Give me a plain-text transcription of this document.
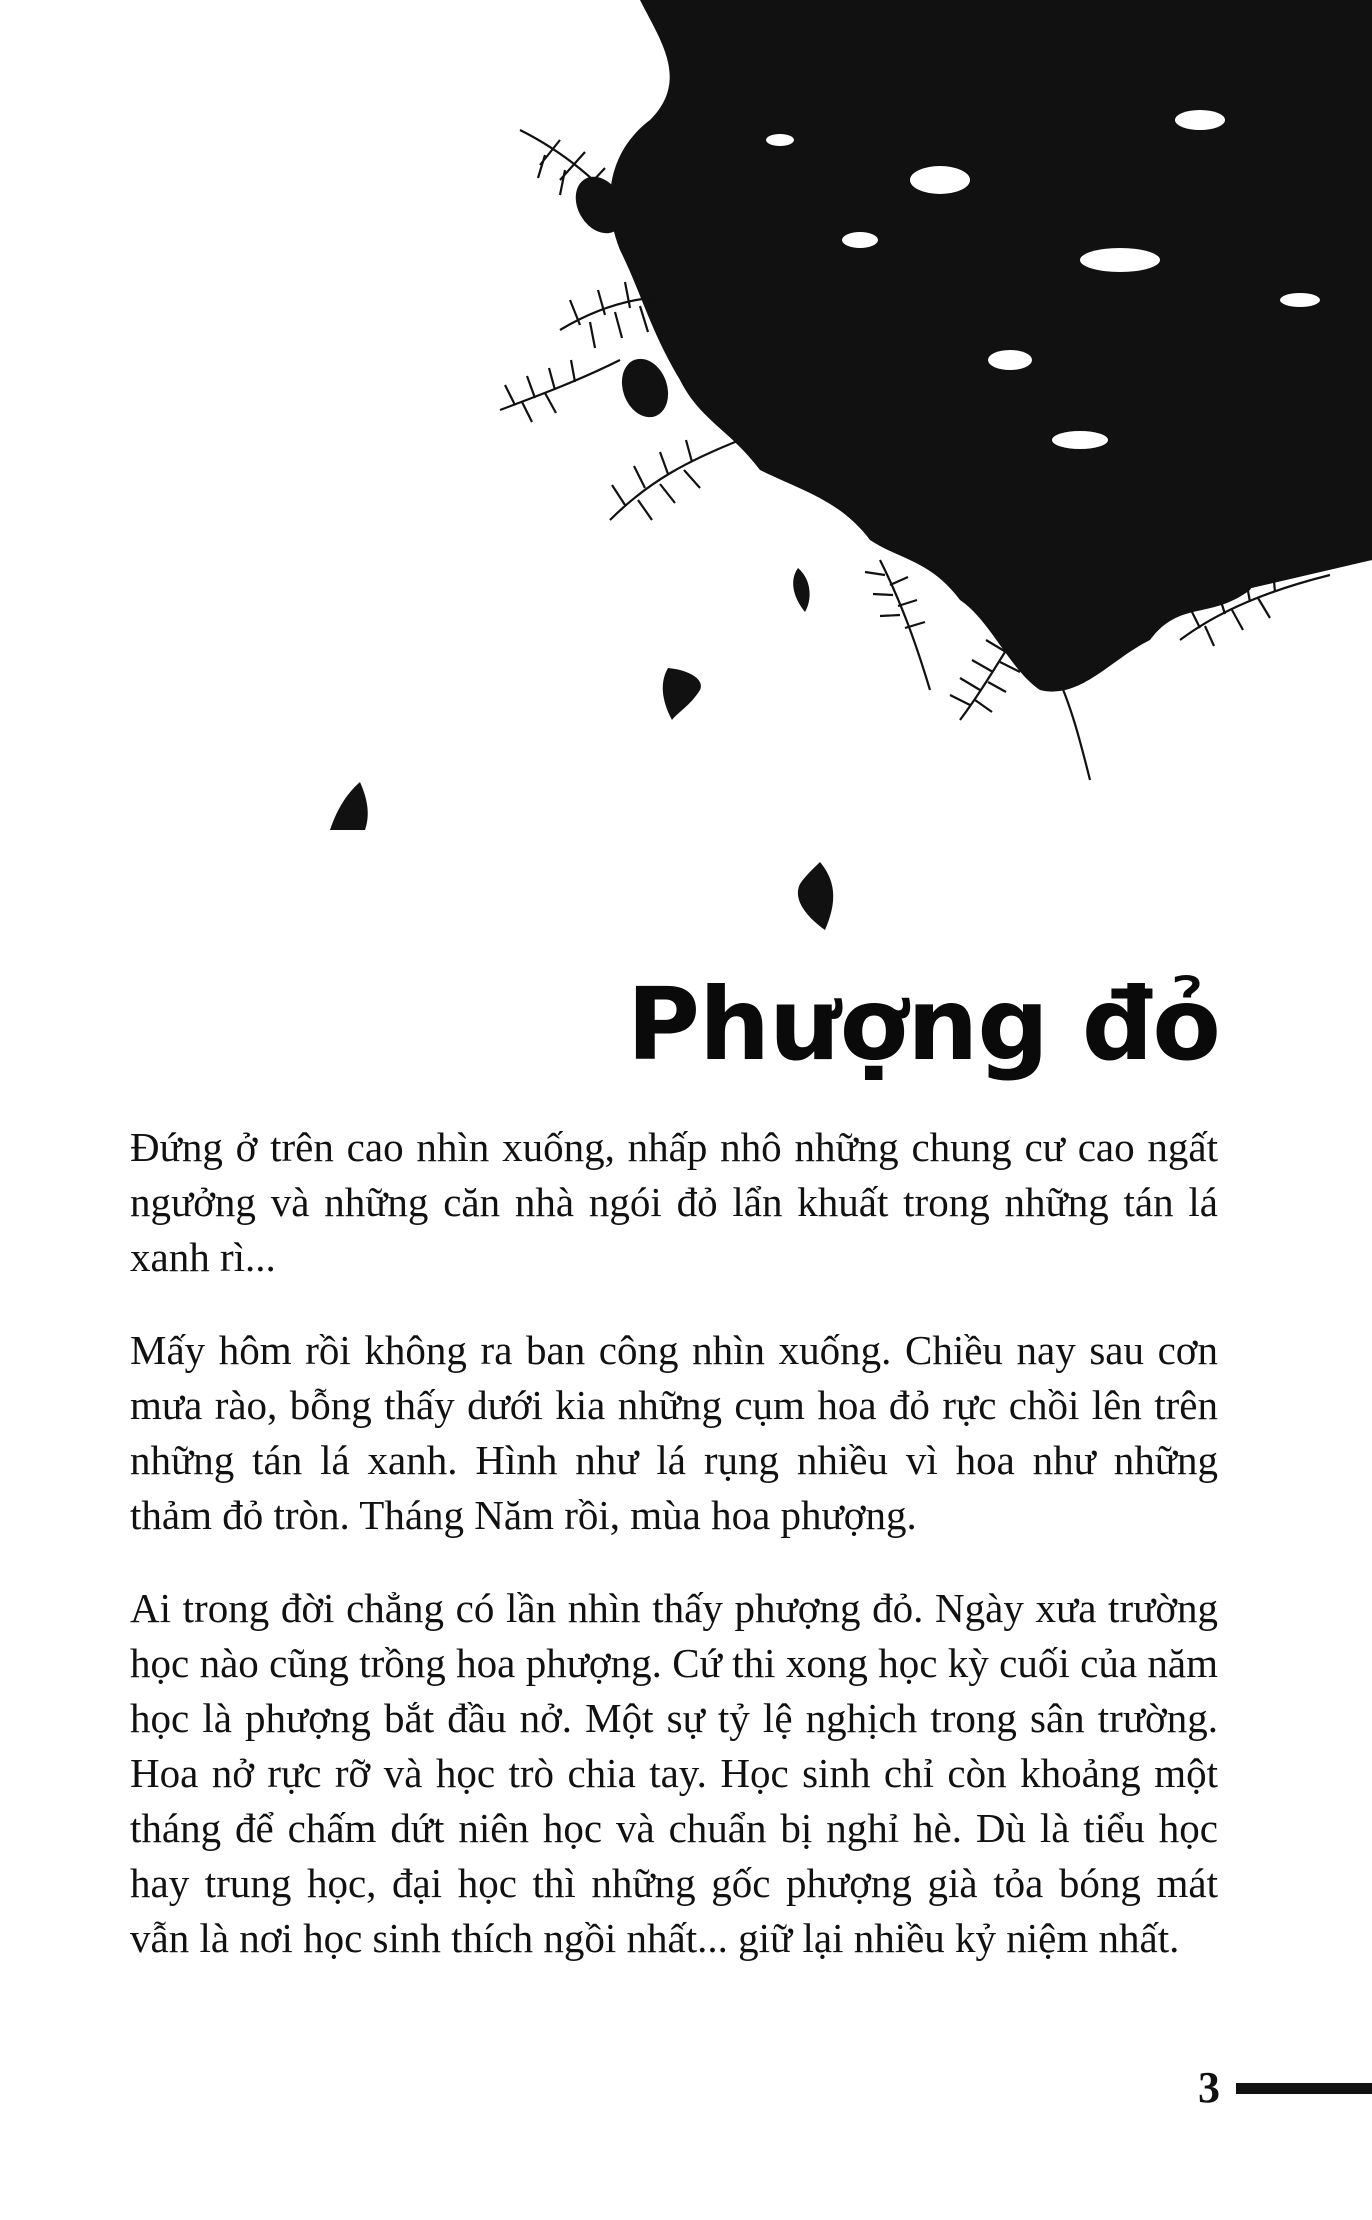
Phượng đỏ

Đứng ở trên cao nhìn xuống, nhấp nhô những chung cư cao ngất ngưởng và những căn nhà ngói đỏ lẩn khuất trong những tán lá xanh rì...

Mấy hôm rồi không ra ban công nhìn xuống. Chiều nay sau cơn mưa rào, bỗng thấy dưới kia những cụm hoa đỏ rực chồi lên trên những tán lá xanh. Hình như lá rụng nhiều vì hoa như những thảm đỏ tròn. Tháng Năm rồi, mùa hoa phượng.

Ai trong đời chẳng có lần nhìn thấy phượng đỏ. Ngày xưa trường học nào cũng trồng hoa phượng. Cứ thi xong học kỳ cuối của năm học là phượng bắt đầu nở. Một sự tỷ lệ nghịch trong sân trường. Hoa nở rực rỡ và học trò chia tay. Học sinh chỉ còn khoảng một tháng để chấm dứt niên học và chuẩn bị nghỉ hè. Dù là tiểu học hay trung học, đại học thì những gốc phượng già tỏa bóng mát vẫn là nơi học sinh thích ngồi nhất... giữ lại nhiều kỷ niệm nhất.

3
